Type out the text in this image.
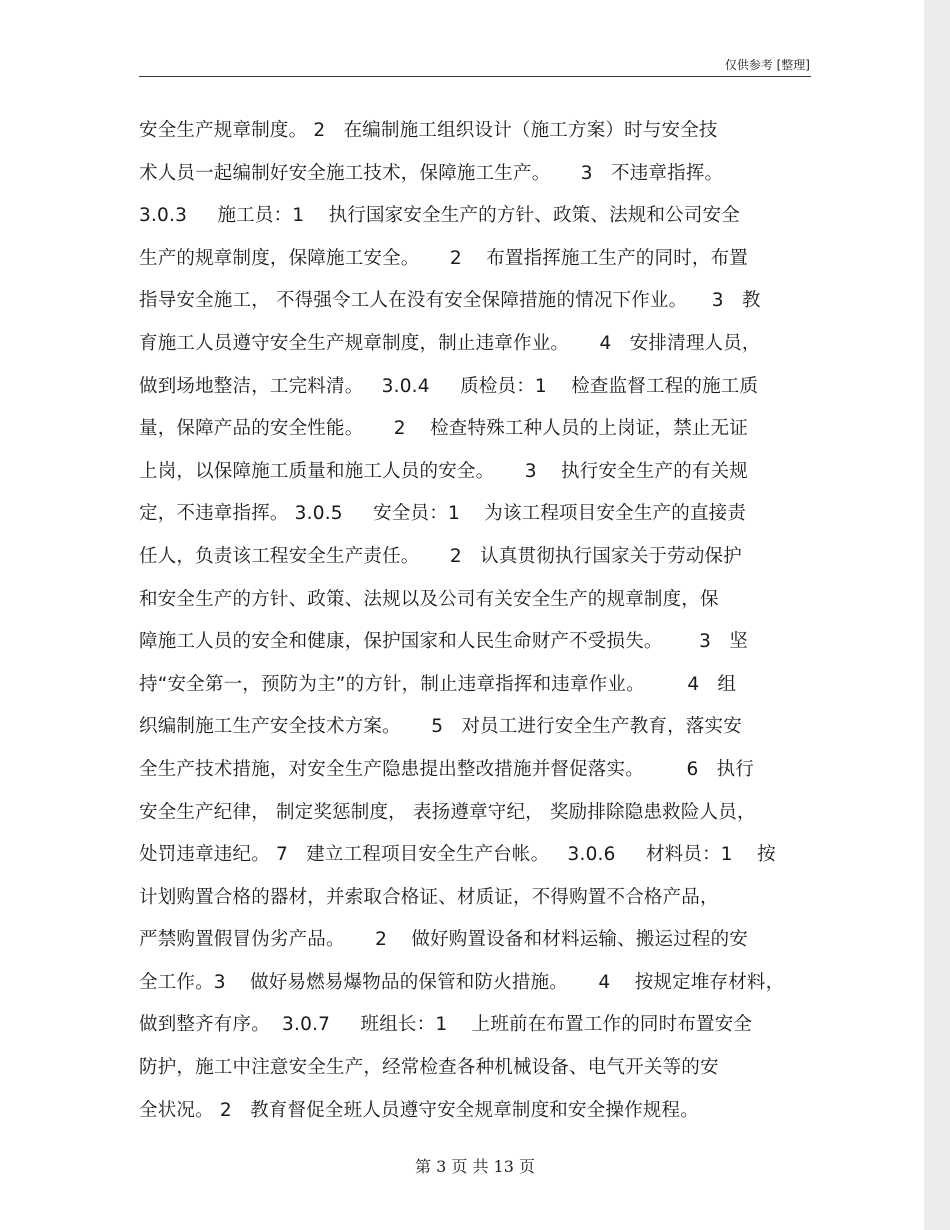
仅供参考 [整理]
安全生产规章制度。 2   在编制施工组织设计（施工方案）时与安全技
术人员一起编制好安全施工技术，保障施工生产。     3   不违章指挥。
3.0.3     施工员：1    执行国家安全生产的方针、政策、法规和公司安全
生产的规章制度，保障施工安全。     2    布置指挥施工生产的同时，布置
指导安全施工， 不得强令工人在没有安全保障措施的情况下作业。    3   教
育施工人员遵守安全生产规章制度，制止违章作业。     4   安排清理人员，
做到场地整洁，工完料清。   3.0.4     质检员：1    检查监督工程的施工质
量，保障产品的安全性能。     2    检查特殊工种人员的上岗证，禁止无证
上岗，以保障施工质量和施工人员的安全。     3    执行安全生产的有关规
定，不违章指挥。 3.0.5     安全员：1    为该工程项目安全生产的直接责
任人，负责该工程安全生产责任。     2   认真贯彻执行国家关于劳动保护
和安全生产的方针、政策、法规以及公司有关安全生产的规章制度，保
障施工人员的安全和健康，保护国家和人民生命财产不受损失。      3   坚
持“安全第一，预防为主”的方针，制止违章指挥和违章作业。       4   组
织编制施工生产安全技术方案。     5   对员工进行安全生产教育，落实安
全生产技术措施，对安全生产隐患提出整改措施并督促落实。       6   执行
安全生产纪律， 制定奖惩制度， 表扬遵章守纪， 奖励排除隐患救险人员，
处罚违章违纪。 7   建立工程项目安全生产台帐。   3.0.6     材料员：1    按
计划购置合格的器材，并索取合格证、材质证，不得购置不合格产品，
严禁购置假冒伪劣产品。     2    做好购置设备和材料运输、搬运过程的安
全工作。3    做好易燃易爆物品的保管和防火措施。     4    按规定堆存材料，
做到整齐有序。  3.0.7     班组长：1    上班前在布置工作的同时布置安全
防护，施工中注意安全生产，经常检查各种机械设备、电气开关等的安
全状况。 2   教育督促全班人员遵守安全规章制度和安全操作规程。
第 3 页 共 13 页
